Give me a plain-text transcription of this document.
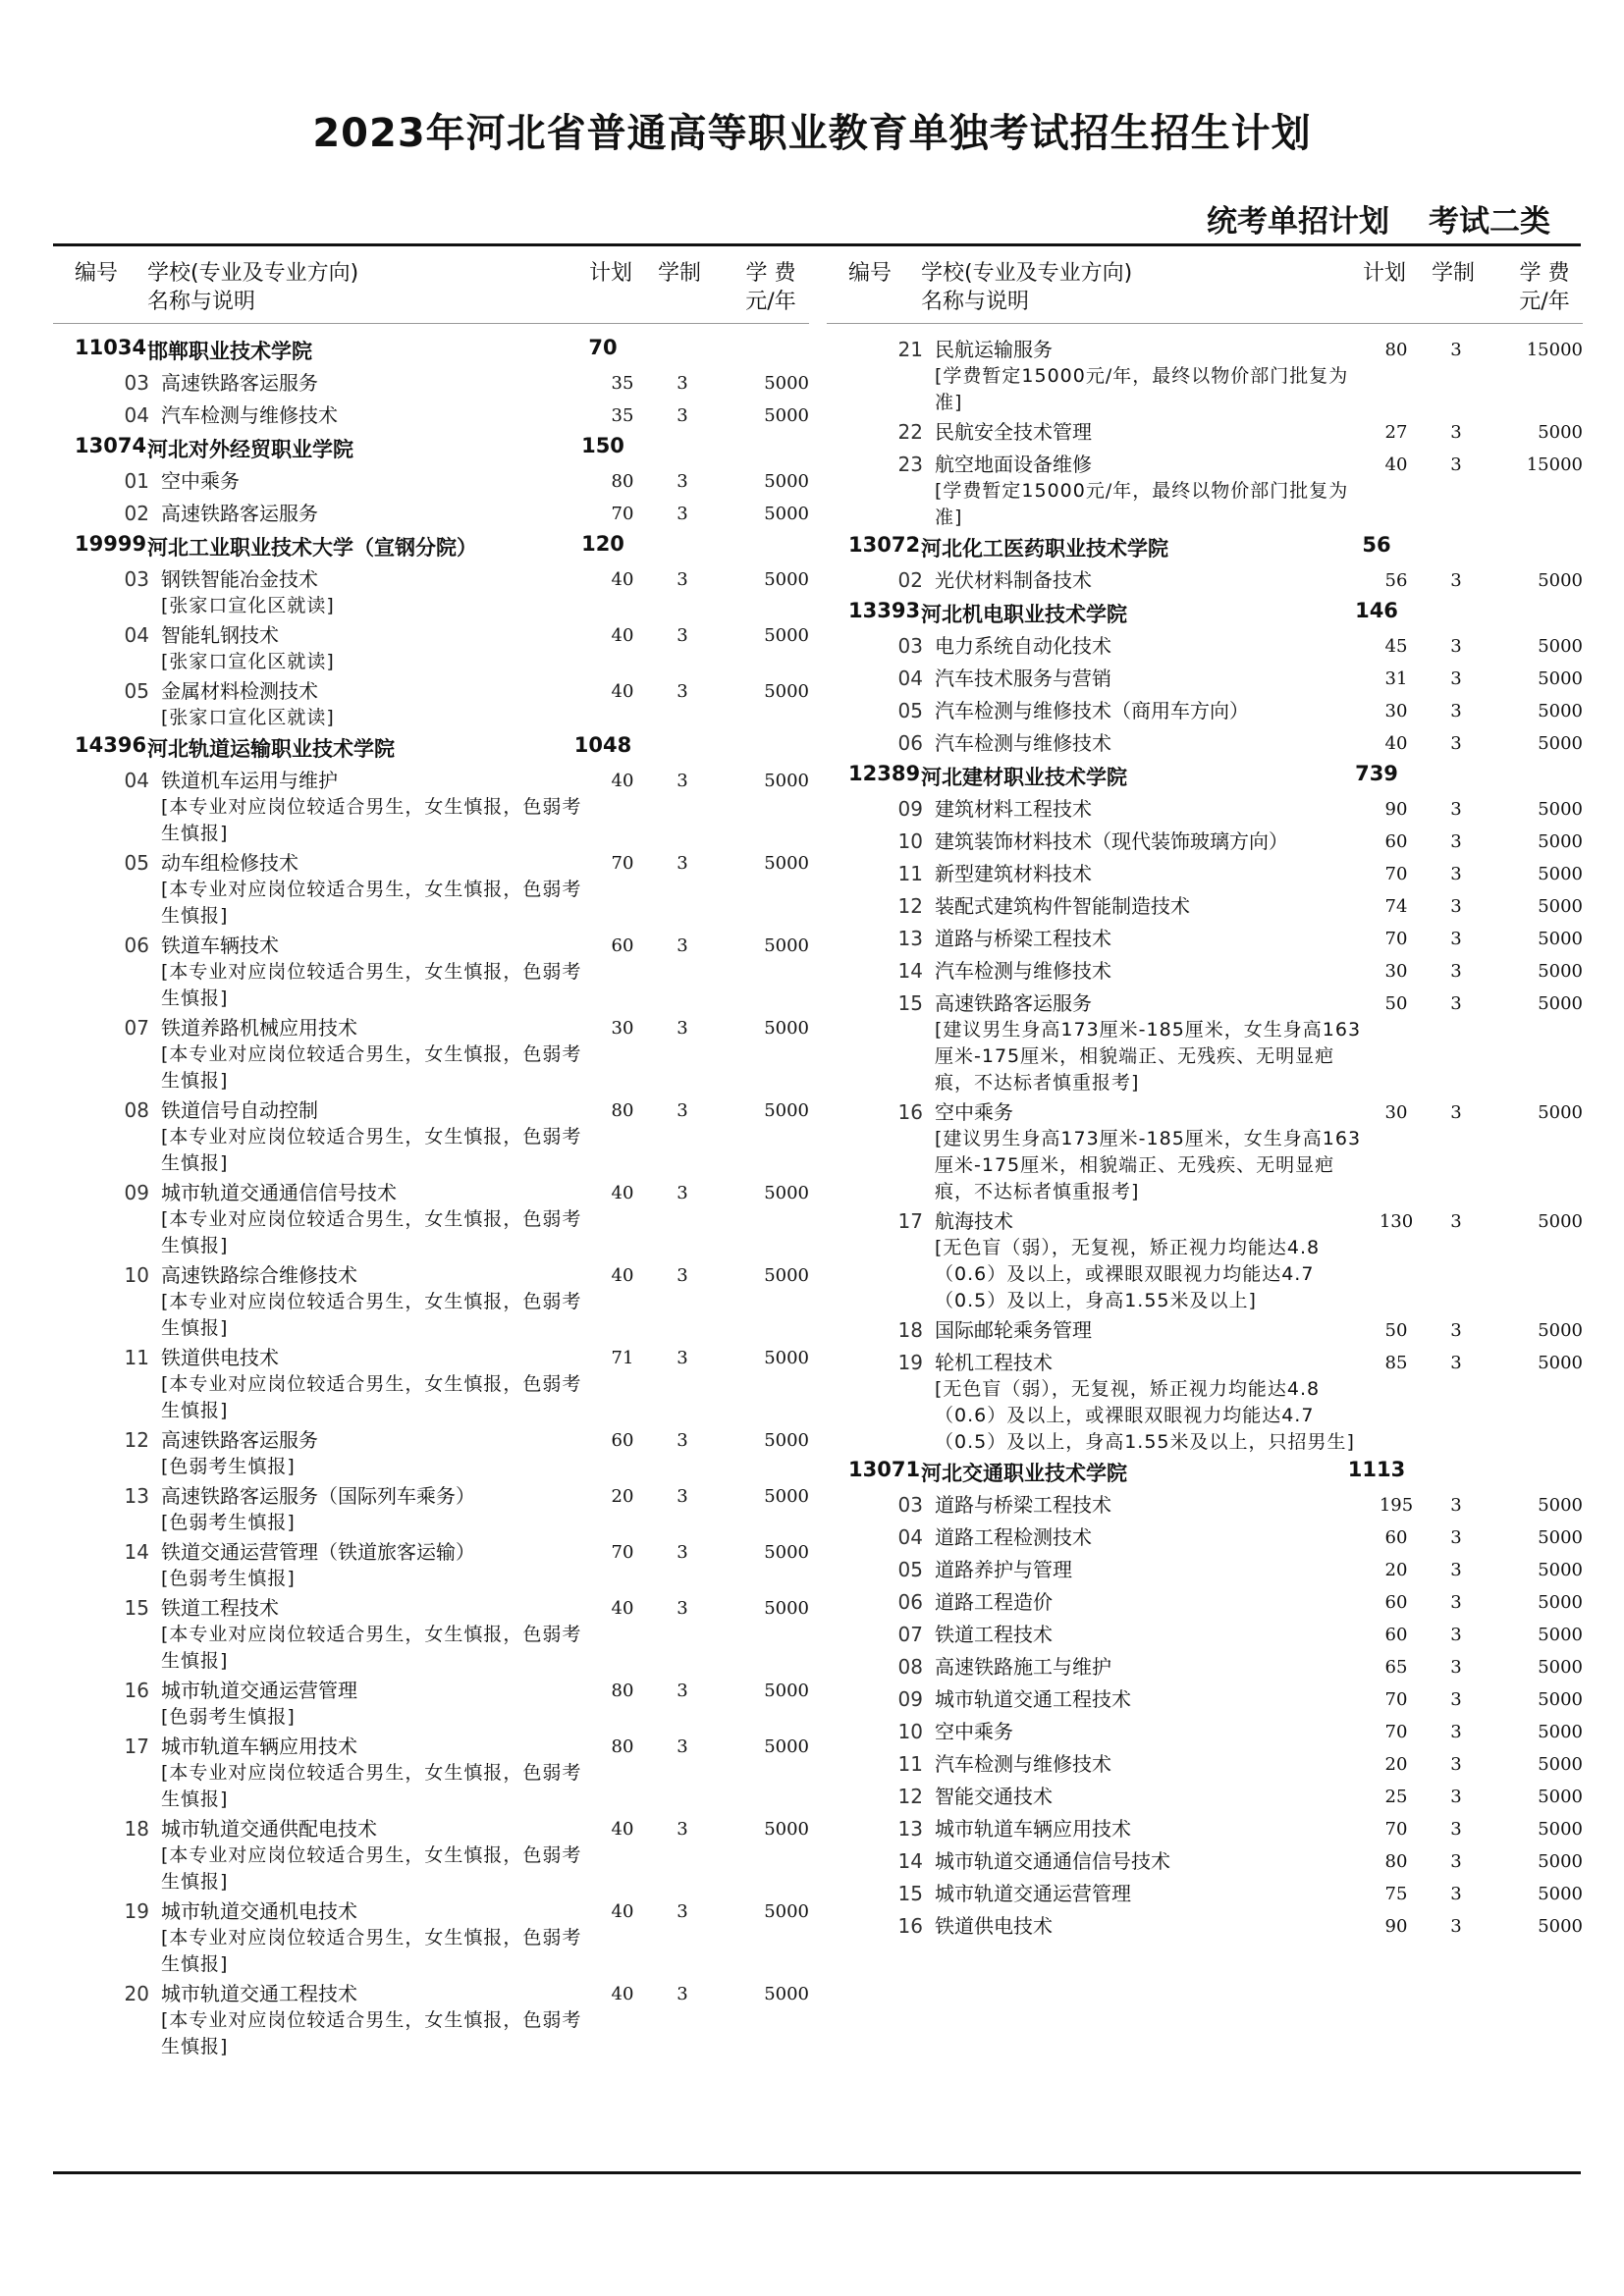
2023年河北省普通高等职业教育单独考试招生招生计划
统考单招计划 考试二类
编号 学校(专业及专业方向)
名称与说明
计划 学制	学 费
元/年
11034 邯郸职业技术学院	70
03 高速铁路客运服务	35	3	5000
04 汽车检测与维修技术	35	3	5000
13074 河北对外经贸职业学院	150
01 空中乘务	80	3	5000
02 高速铁路客运服务	70	3	5000
19999 河北工业职业技术大学（宣钢分院）	120
03 钢铁智能冶金技术	40	3	5000
[张家口宣化区就读]
04 智能轧钢技术	40	3	5000
[张家口宣化区就读]
05 金属材料检测技术	40	3	5000
[张家口宣化区就读]
14396 河北轨道运输职业技术学院	1048
04 铁道机车运用与维护	40	3	5000
[本专业对应岗位较适合男生，女生慎报，色弱考生慎报]
05 动车组检修技术	70	3	5000
[本专业对应岗位较适合男生，女生慎报，色弱考生慎报]
06 铁道车辆技术	60	3	5000
[本专业对应岗位较适合男生，女生慎报，色弱考生慎报]
07 铁道养路机械应用技术	30	3	5000
[本专业对应岗位较适合男生，女生慎报，色弱考生慎报]
08 铁道信号自动控制	80	3	5000
[本专业对应岗位较适合男生，女生慎报，色弱考生慎报]
09 城市轨道交通通信信号技术	40	3	5000
[本专业对应岗位较适合男生，女生慎报，色弱考生慎报]
10 高速铁路综合维修技术	40	3	5000
[本专业对应岗位较适合男生，女生慎报，色弱考生慎报]
11 铁道供电技术	71	3	5000
[本专业对应岗位较适合男生，女生慎报，色弱考生慎报]
12 高速铁路客运服务	60	3	5000
[色弱考生慎报]
13 高速铁路客运服务（国际列车乘务）	20	3	5000
[色弱考生慎报]
14 铁道交通运营管理（铁道旅客运输）	70	3	5000
[色弱考生慎报]
15 铁道工程技术	40	3	5000
[本专业对应岗位较适合男生，女生慎报，色弱考生慎报]
16 城市轨道交通运营管理	80	3	5000
[色弱考生慎报]
17 城市轨道车辆应用技术	80	3	5000
[本专业对应岗位较适合男生，女生慎报，色弱考生慎报]
18 城市轨道交通供配电技术	40	3	5000
[本专业对应岗位较适合男生，女生慎报，色弱考生慎报]
19 城市轨道交通机电技术	40	3	5000
[本专业对应岗位较适合男生，女生慎报，色弱考生慎报]
20 城市轨道交通工程技术	40	3	5000
[本专业对应岗位较适合男生，女生慎报，色弱考生慎报]
编号 学校(专业及专业方向)
名称与说明
计划 学制	学 费
元/年
21 民航运输服务	80	3	15000
[学费暂定15000元/年，最终以物价部门批复为准]
22 民航安全技术管理	27	3	5000
23 航空地面设备维修	40	3	15000
[学费暂定15000元/年，最终以物价部门批复为准]
13072 河北化工医药职业技术学院	56
02 光伏材料制备技术	56	3	5000
13393 河北机电职业技术学院	146
03 电力系统自动化技术	45	3	5000
04 汽车技术服务与营销	31	3	5000
05 汽车检测与维修技术（商用车方向）	30	3	5000
06 汽车检测与维修技术	40	3	5000
12389 河北建材职业技术学院	739
09 建筑材料工程技术	90	3	5000
10 建筑装饰材料技术（现代装饰玻璃方向）	60	3	5000
11 新型建筑材料技术	70	3	5000
12 装配式建筑构件智能制造技术	74	3	5000
13 道路与桥梁工程技术	70	3	5000
14 汽车检测与维修技术	30	3	5000
15 高速铁路客运服务	50	3	5000
[建议男生身高173厘米-185厘米，女生身高163厘米-175厘米，相貌端正、无残疾、无明显疤痕，不达标者慎重报考]
16 空中乘务	30	3	5000
[建议男生身高173厘米-185厘米，女生身高163厘米-175厘米，相貌端正、无残疾、无明显疤痕，不达标者慎重报考]
17 航海技术	130	3	5000
[无色盲（弱），无复视，矫正视力均能达4.8（0.6）及以上，或裸眼双眼视力均能达4.7（0.5）及以上，身高1.55米及以上]
18 国际邮轮乘务管理	50	3	5000
19 轮机工程技术	85	3	5000
[无色盲（弱），无复视，矫正视力均能达4.8（0.6）及以上，或裸眼双眼视力均能达4.7（0.5）及以上，身高1.55米及以上，只招男生]
13071 河北交通职业技术学院	1113
03 道路与桥梁工程技术	195	3	5000
04 道路工程检测技术	60	3	5000
05 道路养护与管理	20	3	5000
06 道路工程造价	60	3	5000
07 铁道工程技术	60	3	5000
08 高速铁路施工与维护	65	3	5000
09 城市轨道交通工程技术	70	3	5000
10 空中乘务	70	3	5000
11 汽车检测与维修技术	20	3	5000
12 智能交通技术	25	3	5000
13 城市轨道车辆应用技术	70	3	5000
14 城市轨道交通通信信号技术	80	3	5000
15 城市轨道交通运营管理	75	3	5000
16 铁道供电技术	90	3	5000
